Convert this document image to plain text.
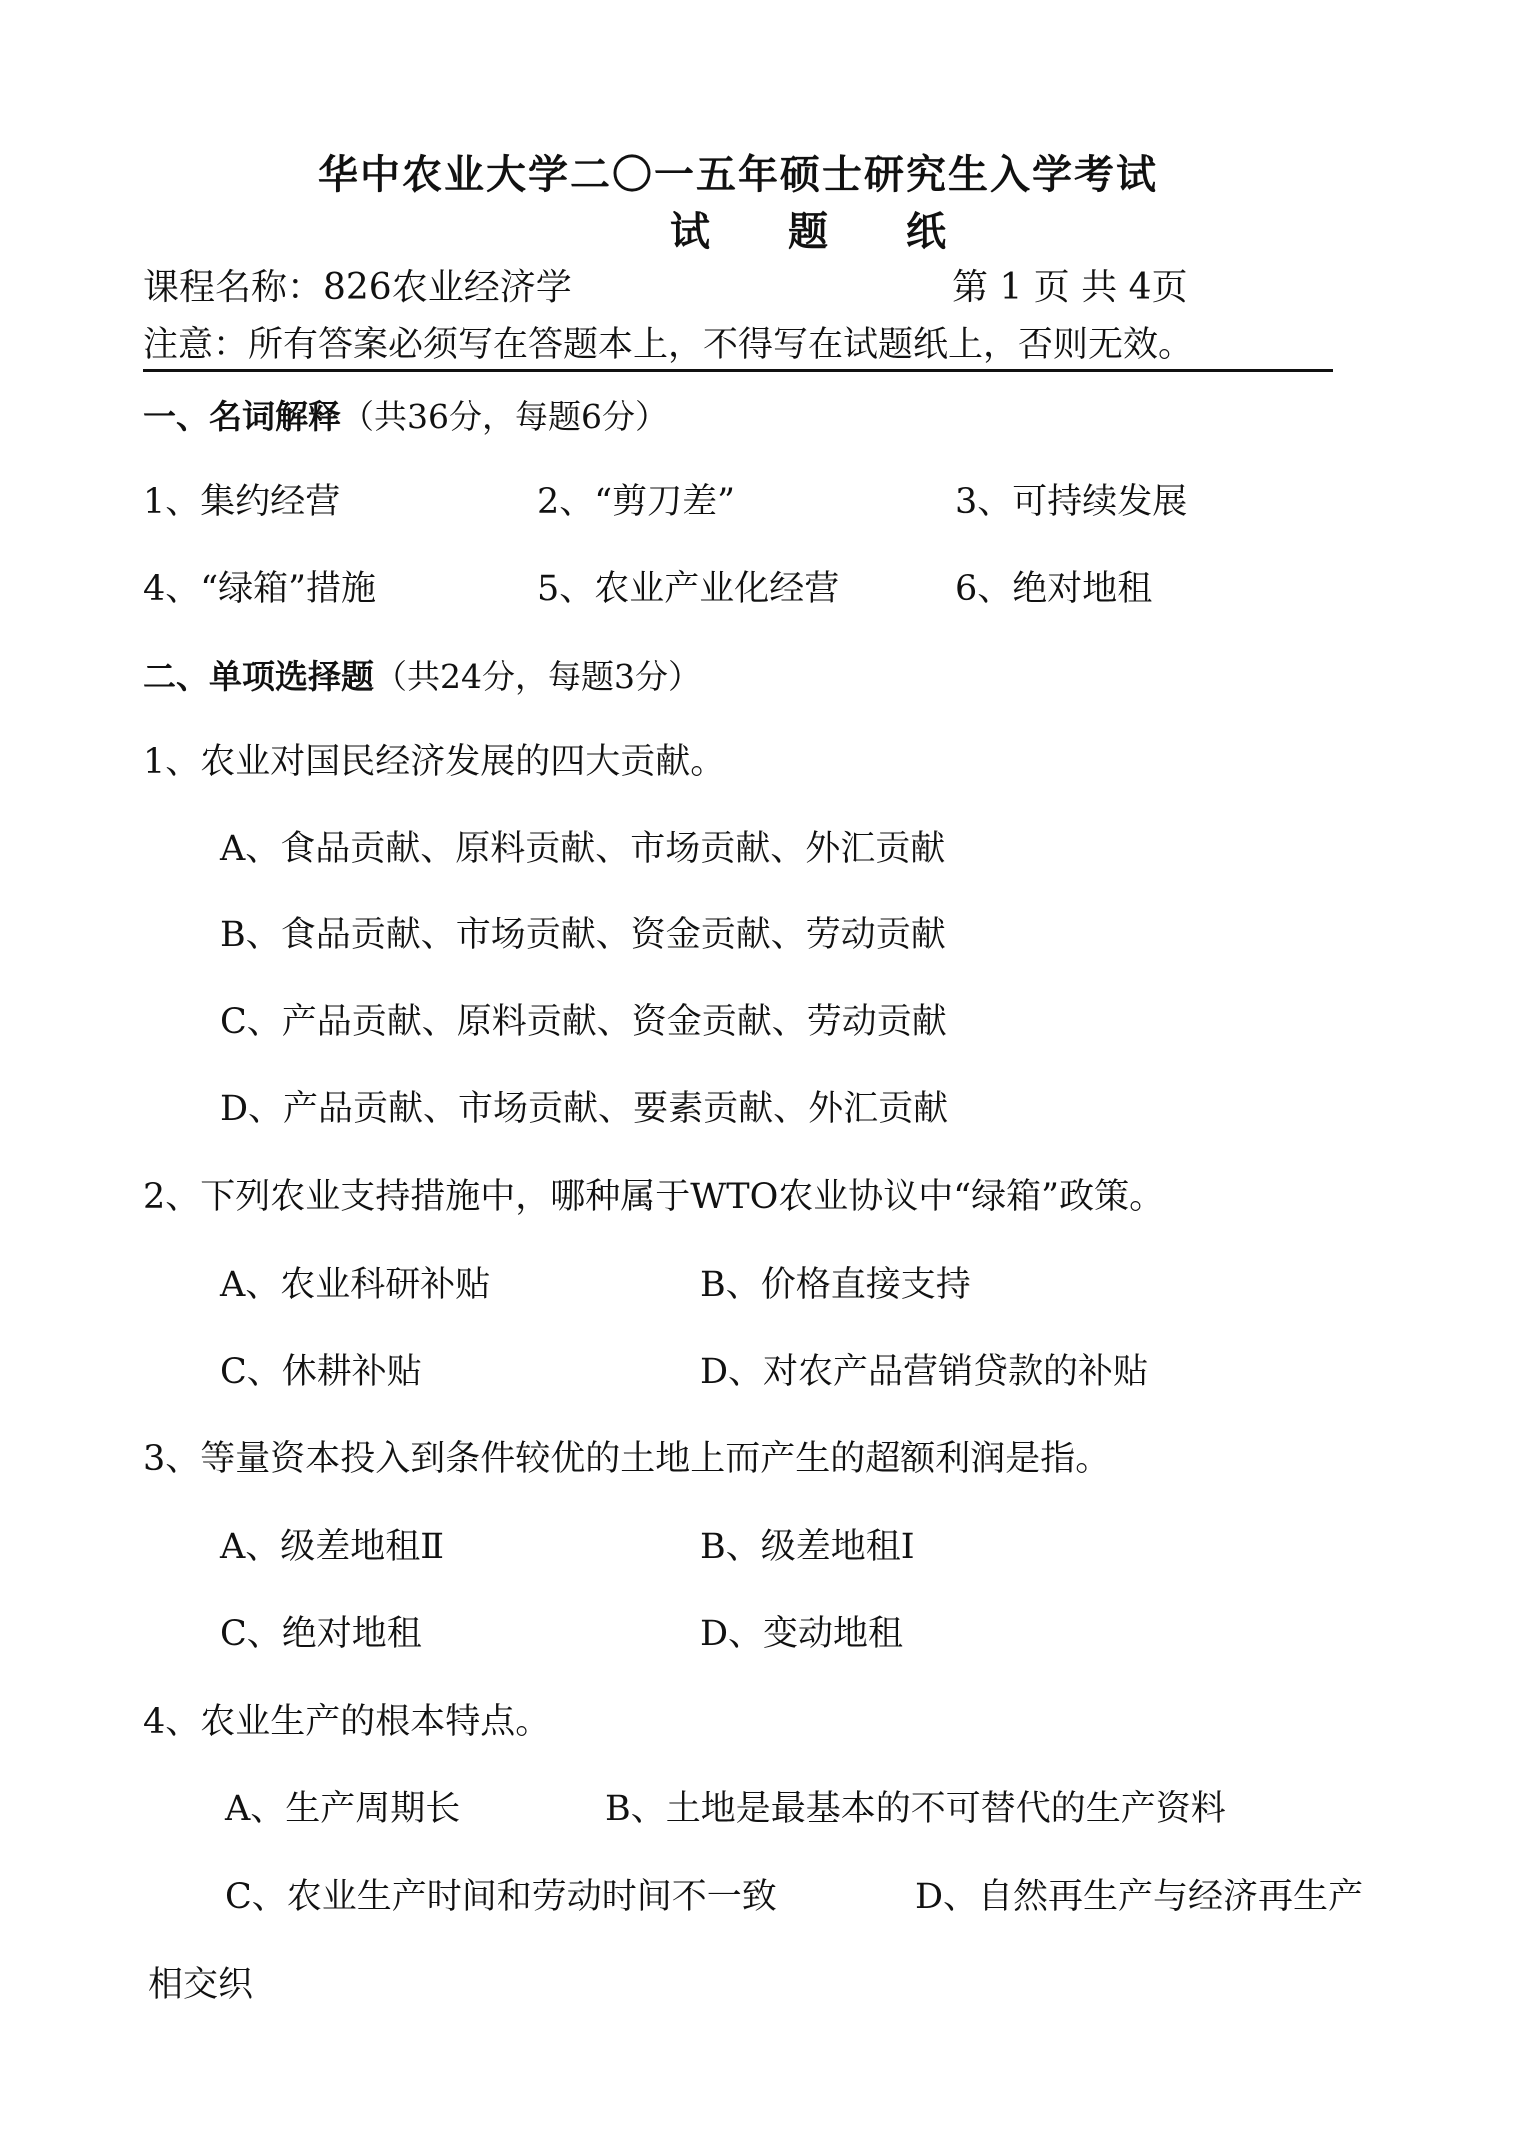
华中农业大学二〇一五年硕士研究生入学考试
试 题 纸
课程名称：826农业经济学	第 1 页 共 4页
注意：所有答案必须写在答题本上，不得写在试题纸上，否则无效。
一、名词解释（共36分，每题6分）
1、集约经营	2、“剪刀差”	3、可持续发展
4、“绿箱”措施	5、农业产业化经营	6、绝对地租
二、单项选择题（共24分，每题3分）
1、农业对国民经济发展的四大贡献。
A、食品贡献、原料贡献、市场贡献、外汇贡献
B、食品贡献、市场贡献、资金贡献、劳动贡献
C、产品贡献、原料贡献、资金贡献、劳动贡献
D、产品贡献、市场贡献、要素贡献、外汇贡献
2、下列农业支持措施中，哪种属于WTO农业协议中“绿箱”政策。
A、农业科研补贴	B、价格直接支持
C、休耕补贴	D、对农产品营销贷款的补贴
3、等量资本投入到条件较优的土地上而产生的超额利润是指。
A、级差地租Ⅱ	B、级差地租Ⅰ
C、绝对地租	D、变动地租
4、农业生产的根本特点。
A、生产周期长	B、土地是最基本的不可替代的生产资料
C、农业生产时间和劳动时间不一致	D、自然再生产与经济再生产
相交织
